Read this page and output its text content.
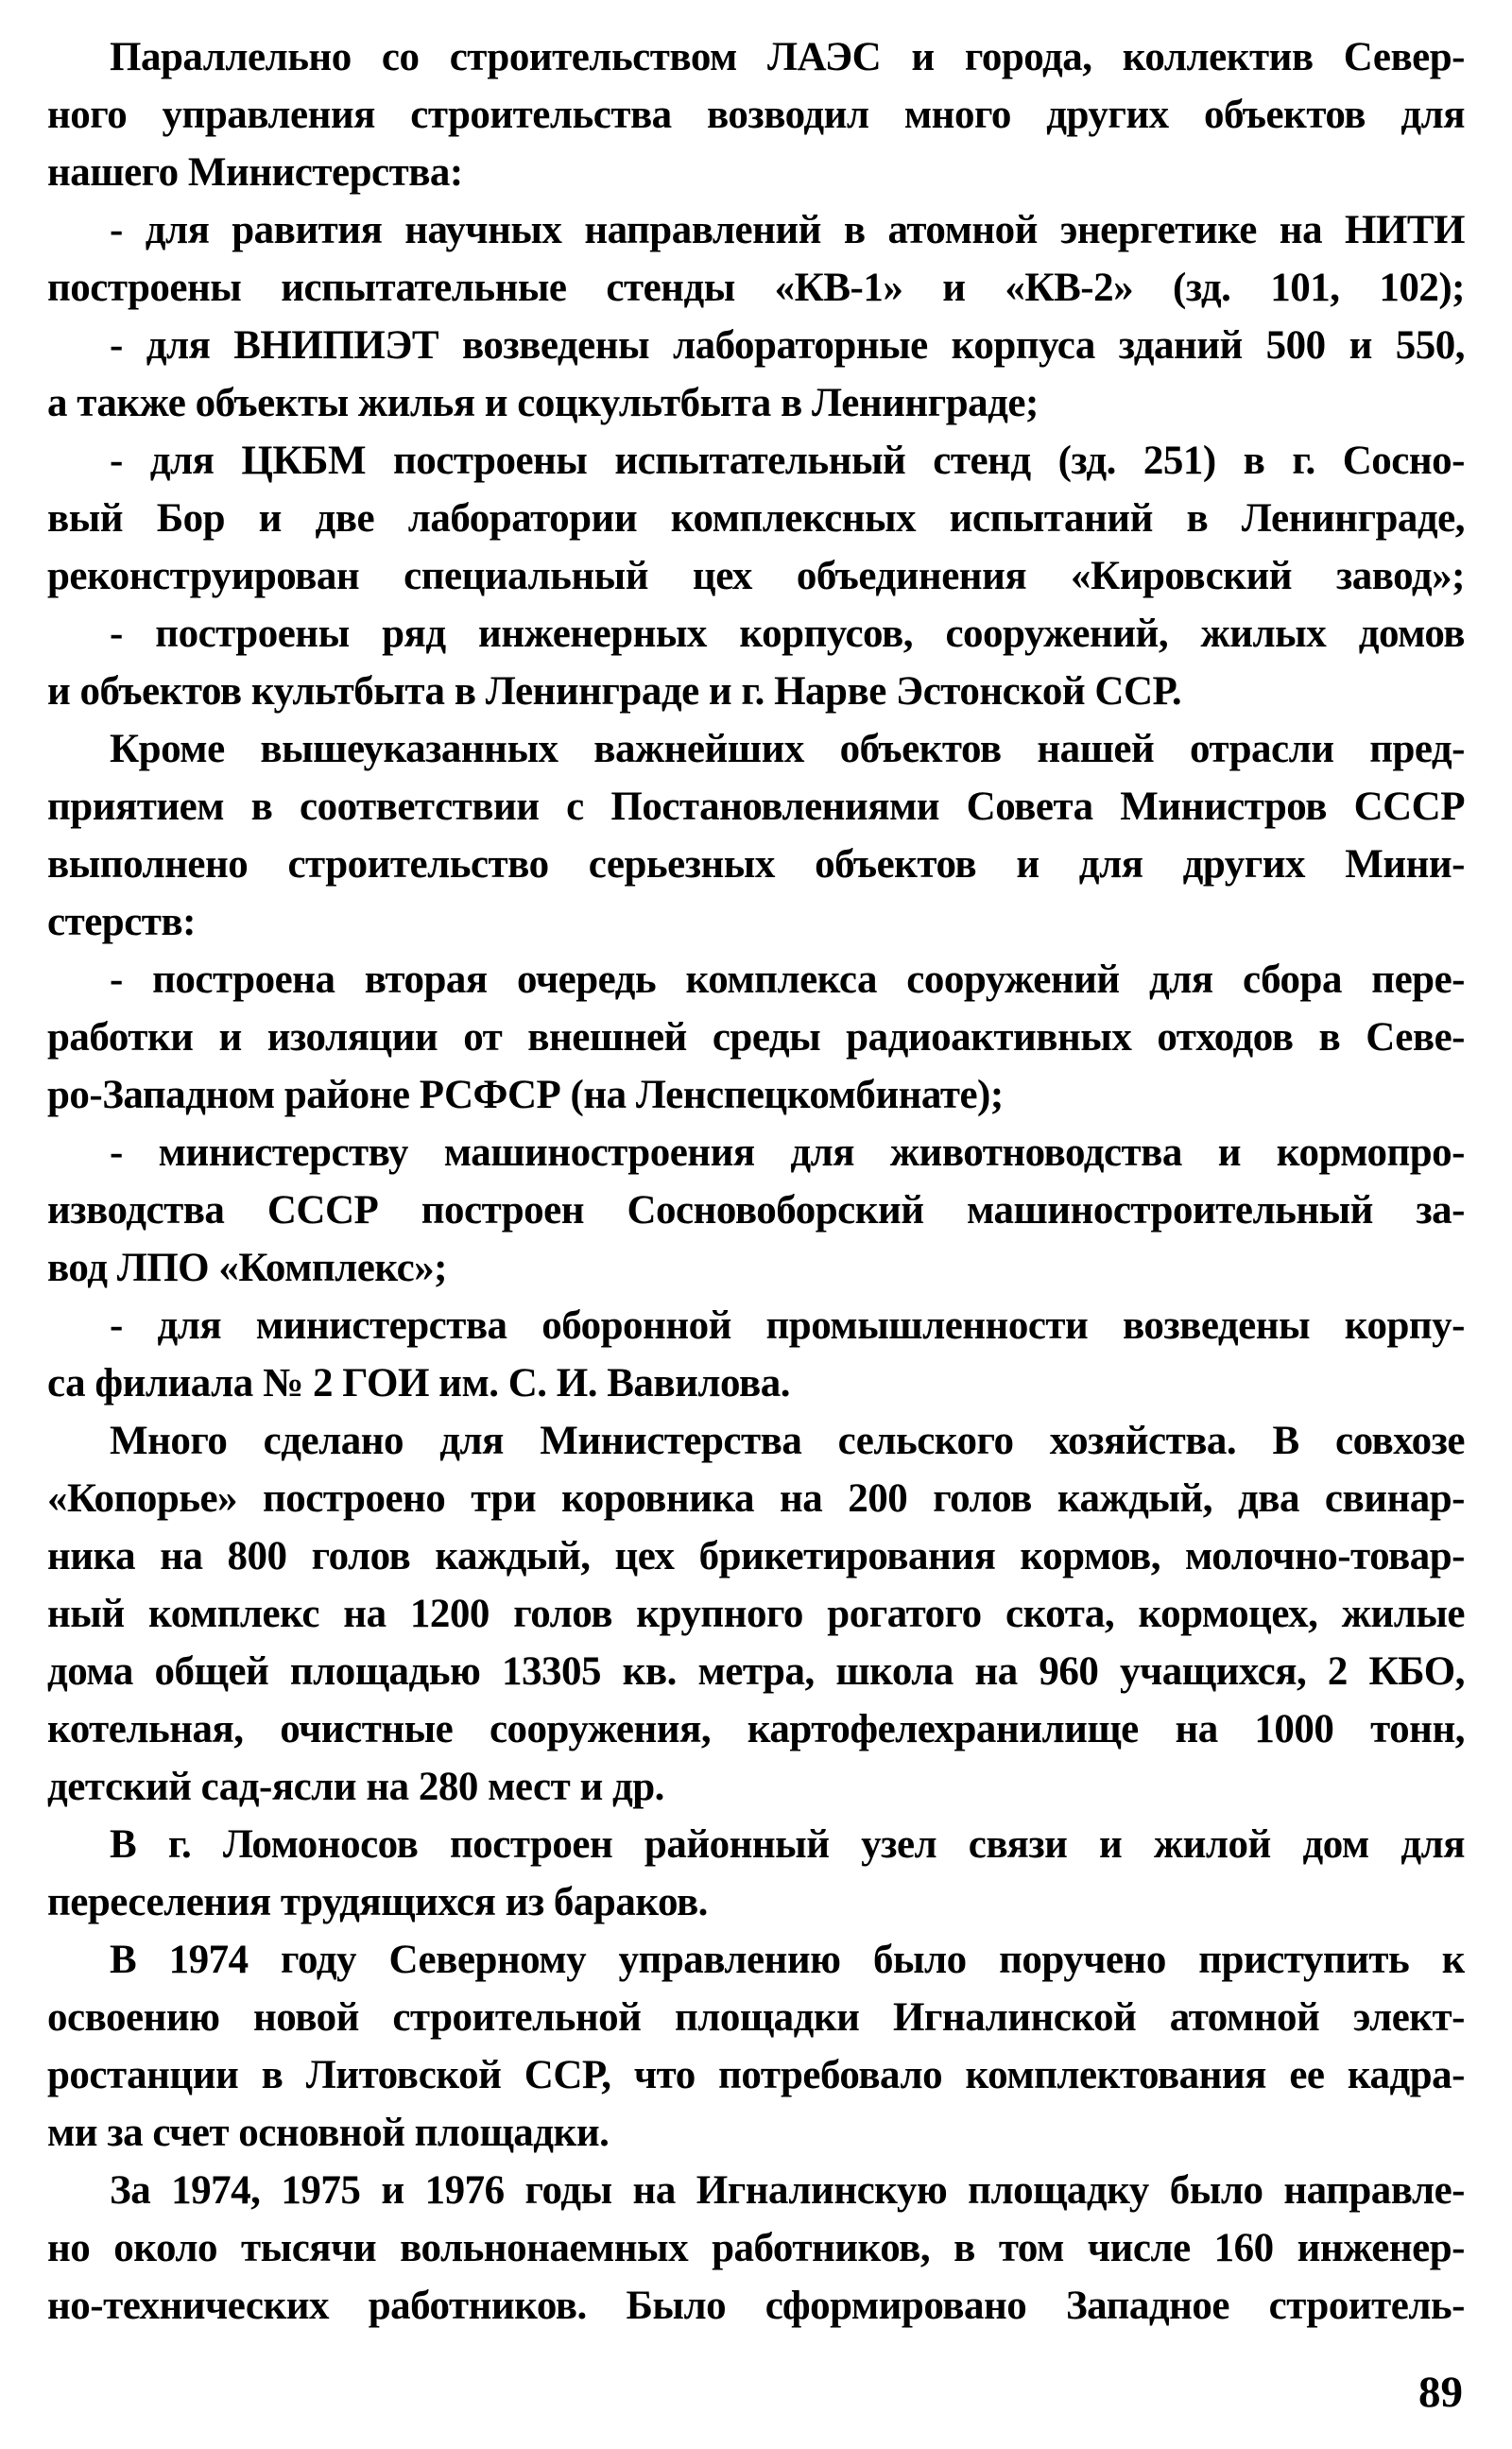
Параллельно со строительством ЛАЭС и города, коллектив Север-
ного управления строительства возводил много других объектов для
нашего Министерства:
- для равития научных направлений в атомной энергетике на НИТИ
построены испытательные стенды «КВ-1» и «КВ-2» (зд. 101, 102);
- для ВНИПИЭТ возведены лабораторные корпуса зданий 500 и 550,
а также объекты жилья и соцкультбыта в Ленинграде;
- для ЦКБМ построены испытательный стенд (зд. 251) в г. Сосно-
вый Бор и две лаборатории комплексных испытаний в Ленинграде,
реконструирован специальный цех объединения «Кировский завод»;
- построены ряд инженерных корпусов, сооружений, жилых домов
и объектов культбыта в Ленинграде и г. Нарве Эстонской ССР.
Кроме вышеуказанных важнейших объектов нашей отрасли пред-
приятием в соответствии с Постановлениями Совета Министров СССР
выполнено строительство серьезных объектов и для других Мини-
стерств:
- построена вторая очередь комплекса сооружений для сбора пере-
работки и изоляции от внешней среды радиоактивных отходов в Севе-
ро-Западном районе РСФСР (на Ленспецкомбинате);
- министерству машиностроения для животноводства и кормопро-
изводства СССР построен Сосновоборский машиностроительный за-
вод ЛПО «Комплекс»;
- для министерства оборонной промышленности возведены корпу-
са филиала № 2 ГОИ им. С. И. Вавилова.
Много сделано для Министерства сельского хозяйства. В совхозе
«Копорье» построено три коровника на 200 голов каждый, два свинар-
ника на 800 голов каждый, цех брикетирования кормов, молочно-товар-
ный комплекс на 1200 голов крупного рогатого скота, кормоцех, жилые
дома общей площадью 13305 кв. метра, школа на 960 учащихся, 2 КБО,
котельная, очистные сооружения, картофелехранилище на 1000 тонн,
детский сад-ясли на 280 мест и др.
В г. Ломоносов построен районный узел связи и жилой дом для
переселения трудящихся из бараков.
В 1974 году Северному управлению было поручено приступить к
освоению новой строительной площадки Игналинской атомной элект-
ростанции в Литовской ССР, что потребовало комплектования ее кадра-
ми за счет основной площадки.
За 1974, 1975 и 1976 годы на Игналинскую площадку было направле-
но около тысячи вольнонаемных работников, в том числе 160 инженер-
но-технических работников. Было сформировано Западное строитель-
89
